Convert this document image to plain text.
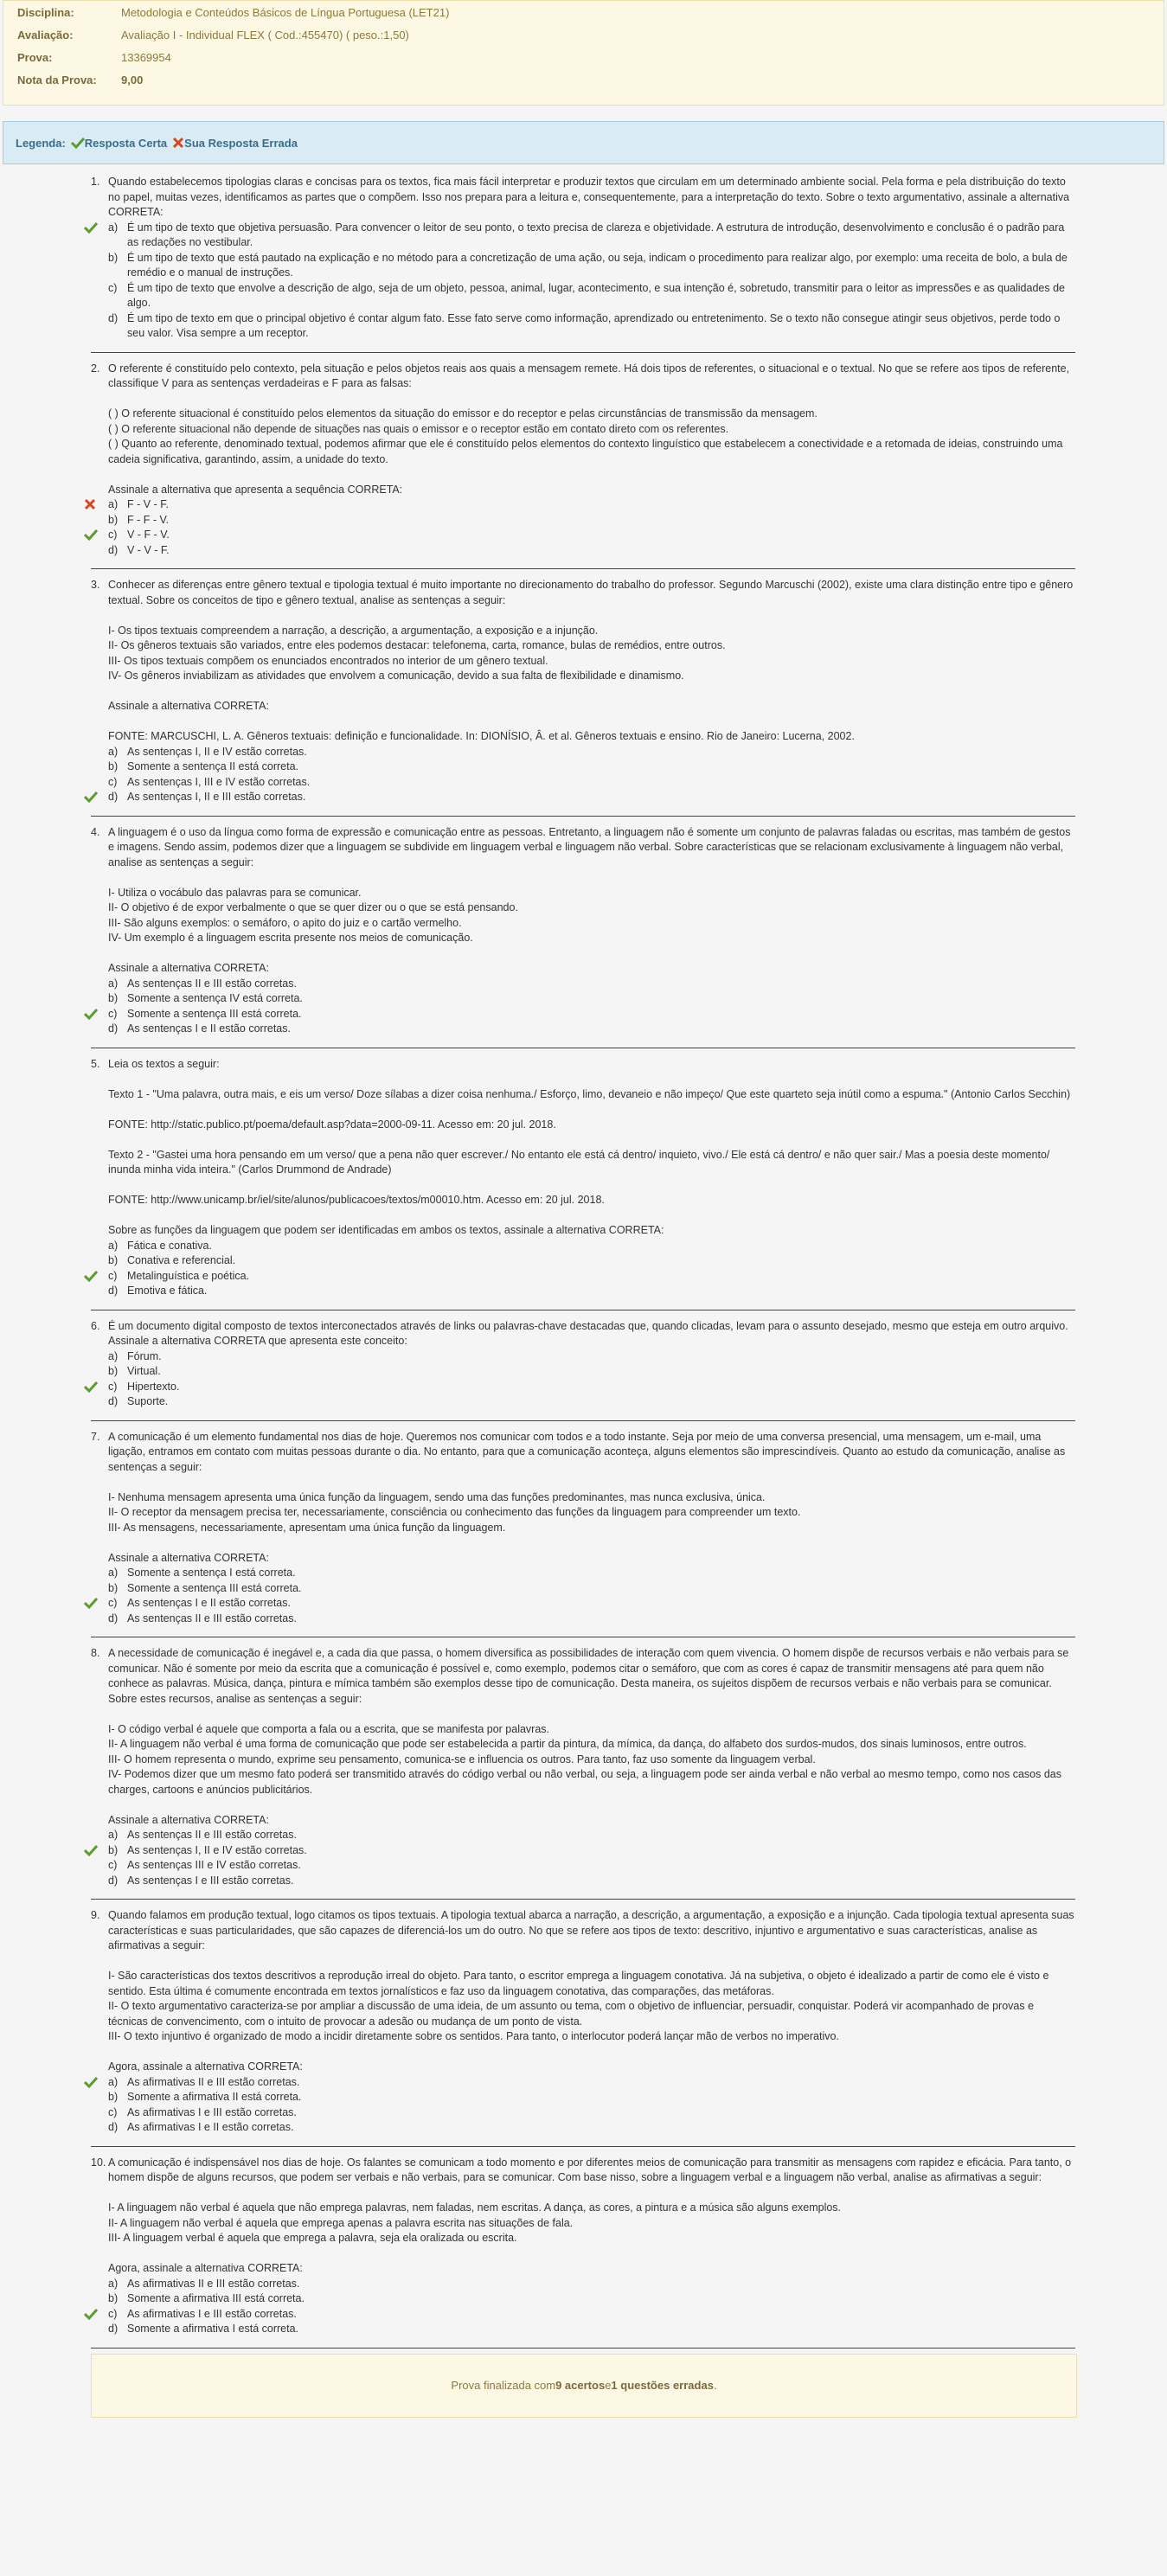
Disciplina:	Metodologia e Conteúdos Básicos de Língua Portuguesa (LET21)
Avaliação:	Avaliação I - Individual FLEX ( Cod.:455470) ( peso.:1,50)
Prova:	13369954
Nota da Prova:	9,00
Legenda: Resposta Certa Sua Resposta Errada
1. Quando estabelecemos tipologias claras e concisas para os textos, fica mais fácil interpretar e produzir textos que circulam em um determinado ambiente social. Pela forma e pela distribuição do texto no papel, muitas vezes, identificamos as partes que o compõem. Isso nos prepara para a leitura e, consequentemente, para a interpretação do texto. Sobre o texto argumentativo, assinale a alternativa CORRETA:
a) É um tipo de texto que objetiva persuasão. Para convencer o leitor de seu ponto, o texto precisa de clareza e objetividade. A estrutura de introdução, desenvolvimento e conclusão é o padrão para as redações no vestibular.
b) É um tipo de texto que está pautado na explicação e no método para a concretização de uma ação, ou seja, indicam o procedimento para realizar algo, por exemplo: uma receita de bolo, a bula de remédio e o manual de instruções.
c) É um tipo de texto que envolve a descrição de algo, seja de um objeto, pessoa, animal, lugar, acontecimento, e sua intenção é, sobretudo, transmitir para o leitor as impressões e as qualidades de algo.
d) É um tipo de texto em que o principal objetivo é contar algum fato. Esse fato serve como informação, aprendizado ou entretenimento. Se o texto não consegue atingir seus objetivos, perde todo o seu valor. Visa sempre a um receptor.
2. O referente é constituído pelo contexto, pela situação e pelos objetos reais aos quais a mensagem remete. Há dois tipos de referentes, o situacional e o textual. No que se refere aos tipos de referente, classifique V para as sentenças verdadeiras e F para as falsas:

( ) O referente situacional é constituído pelos elementos da situação do emissor e do receptor e pelas circunstâncias de transmissão da mensagem.
( ) O referente situacional não depende de situações nas quais o emissor e o receptor estão em contato direto com os referentes.
( ) Quanto ao referente, denominado textual, podemos afirmar que ele é constituído pelos elementos do contexto linguístico que estabelecem a conectividade e a retomada de ideias, construindo uma cadeia significativa, garantindo, assim, a unidade do texto.

Assinale a alternativa que apresenta a sequência CORRETA:
a) F - V - F.
b) F - F - V.
c) V - F - V.
d) V - V - F.
3. Conhecer as diferenças entre gênero textual e tipologia textual é muito importante no direcionamento do trabalho do professor. Segundo Marcuschi (2002), existe uma clara distinção entre tipo e gênero textual. Sobre os conceitos de tipo e gênero textual, analise as sentenças a seguir:

I- Os tipos textuais compreendem a narração, a descrição, a argumentação, a exposição e a injunção.
II- Os gêneros textuais são variados, entre eles podemos destacar: telefonema, carta, romance, bulas de remédios, entre outros.
III- Os tipos textuais compõem os enunciados encontrados no interior de um gênero textual.
IV- Os gêneros inviabilizam as atividades que envolvem a comunicação, devido a sua falta de flexibilidade e dinamismo.

Assinale a alternativa CORRETA:

FONTE: MARCUSCHI, L. A. Gêneros textuais: definição e funcionalidade. In: DIONÍSIO, Â. et al. Gêneros textuais e ensino. Rio de Janeiro: Lucerna, 2002.
a) As sentenças I, II e IV estão corretas.
b) Somente a sentença II está correta.
c) As sentenças I, III e IV estão corretas.
d) As sentenças I, II e III estão corretas.
4. A linguagem é o uso da língua como forma de expressão e comunicação entre as pessoas. Entretanto, a linguagem não é somente um conjunto de palavras faladas ou escritas, mas também de gestos e imagens. Sendo assim, podemos dizer que a linguagem se subdivide em linguagem verbal e linguagem não verbal. Sobre características que se relacionam exclusivamente à linguagem não verbal, analise as sentenças a seguir:

I- Utiliza o vocábulo das palavras para se comunicar.
II- O objetivo é de expor verbalmente o que se quer dizer ou o que se está pensando.
III- São alguns exemplos: o semáforo, o apito do juiz e o cartão vermelho.
IV- Um exemplo é a linguagem escrita presente nos meios de comunicação.

Assinale a alternativa CORRETA:
a) As sentenças II e III estão corretas.
b) Somente a sentença IV está correta.
c) Somente a sentença III está correta.
d) As sentenças I e II estão corretas.
5. Leia os textos a seguir:

Texto 1 - "Uma palavra, outra mais, e eis um verso/ Doze sílabas a dizer coisa nenhuma./ Esforço, limo, devaneio e não impeço/ Que este quarteto seja inútil como a espuma." (Antonio Carlos Secchin)

FONTE: http://static.publico.pt/poema/default.asp?data=2000-09-11. Acesso em: 20 jul. 2018.

Texto 2 - "Gastei uma hora pensando em um verso/ que a pena não quer escrever./ No entanto ele está cá dentro/ inquieto, vivo./ Ele está cá dentro/ e não quer sair./ Mas a poesia deste momento/ inunda minha vida inteira." (Carlos Drummond de Andrade)

FONTE: http://www.unicamp.br/iel/site/alunos/publicacoes/textos/m00010.htm. Acesso em: 20 jul. 2018.

Sobre as funções da linguagem que podem ser identificadas em ambos os textos, assinale a alternativa CORRETA:
a) Fática e conativa.
b) Conativa e referencial.
c) Metalinguística e poética.
d) Emotiva e fática.
6. É um documento digital composto de textos interconectados através de links ou palavras-chave destacadas que, quando clicadas, levam para o assunto desejado, mesmo que esteja em outro arquivo. Assinale a alternativa CORRETA que apresenta este conceito:
a) Fórum.
b) Virtual.
c) Hipertexto.
d) Suporte.
7. A comunicação é um elemento fundamental nos dias de hoje. Queremos nos comunicar com todos e a todo instante. Seja por meio de uma conversa presencial, uma mensagem, um e-mail, uma ligação, entramos em contato com muitas pessoas durante o dia. No entanto, para que a comunicação aconteça, alguns elementos são imprescindíveis. Quanto ao estudo da comunicação, analise as sentenças a seguir:

I- Nenhuma mensagem apresenta uma única função da linguagem, sendo uma das funções predominantes, mas nunca exclusiva, única.
II- O receptor da mensagem precisa ter, necessariamente, consciência ou conhecimento das funções da linguagem para compreender um texto.
III- As mensagens, necessariamente, apresentam uma única função da linguagem.

Assinale a alternativa CORRETA:
a) Somente a sentença I está correta.
b) Somente a sentença III está correta.
c) As sentenças I e II estão corretas.
d) As sentenças II e III estão corretas.
8. A necessidade de comunicação é inegável e, a cada dia que passa, o homem diversifica as possibilidades de interação com quem vivencia. O homem dispõe de recursos verbais e não verbais para se comunicar. Não é somente por meio da escrita que a comunicação é possível e, como exemplo, podemos citar o semáforo, que com as cores é capaz de transmitir mensagens até para quem não conhece as palavras. Música, dança, pintura e mímica também são exemplos desse tipo de comunicação. Desta maneira, os sujeitos dispõem de recursos verbais e não verbais para se comunicar. Sobre estes recursos, analise as sentenças a seguir:

I- O código verbal é aquele que comporta a fala ou a escrita, que se manifesta por palavras.
II- A linguagem não verbal é uma forma de comunicação que pode ser estabelecida a partir da pintura, da mímica, da dança, do alfabeto dos surdos-mudos, dos sinais luminosos, entre outros.
III- O homem representa o mundo, exprime seu pensamento, comunica-se e influencia os outros. Para tanto, faz uso somente da linguagem verbal.
IV- Podemos dizer que um mesmo fato poderá ser transmitido através do código verbal ou não verbal, ou seja, a linguagem pode ser ainda verbal e não verbal ao mesmo tempo, como nos casos das charges, cartoons e anúncios publicitários.

Assinale a alternativa CORRETA:
a) As sentenças II e III estão corretas.
b) As sentenças I, II e IV estão corretas.
c) As sentenças III e IV estão corretas.
d) As sentenças I e III estão corretas.
9. Quando falamos em produção textual, logo citamos os tipos textuais. A tipologia textual abarca a narração, a descrição, a argumentação, a exposição e a injunção. Cada tipologia textual apresenta suas características e suas particularidades, que são capazes de diferenciá-los um do outro. No que se refere aos tipos de texto: descritivo, injuntivo e argumentativo e suas características, analise as afirmativas a seguir:

I- São características dos textos descritivos a reprodução irreal do objeto. Para tanto, o escritor emprega a linguagem conotativa. Já na subjetiva, o objeto é idealizado a partir de como ele é visto e sentido. Esta última é comumente encontrada em textos jornalísticos e faz uso da linguagem conotativa, das comparações, das metáforas.
II- O texto argumentativo caracteriza-se por ampliar a discussão de uma ideia, de um assunto ou tema, com o objetivo de influenciar, persuadir, conquistar. Poderá vir acompanhado de provas e técnicas de convencimento, com o intuito de provocar a adesão ou mudança de um ponto de vista.
III- O texto injuntivo é organizado de modo a incidir diretamente sobre os sentidos. Para tanto, o interlocutor poderá lançar mão de verbos no imperativo.

Agora, assinale a alternativa CORRETA:
a) As afirmativas II e III estão corretas.
b) Somente a afirmativa II está correta.
c) As afirmativas I e III estão corretas.
d) As afirmativas I e II estão corretas.
10. A comunicação é indispensável nos dias de hoje. Os falantes se comunicam a todo momento e por diferentes meios de comunicação para transmitir as mensagens com rapidez e eficácia. Para tanto, o homem dispõe de alguns recursos, que podem ser verbais e não verbais, para se comunicar. Com base nisso, sobre a linguagem verbal e a linguagem não verbal, analise as afirmativas a seguir:

I- A linguagem não verbal é aquela que não emprega palavras, nem faladas, nem escritas. A dança, as cores, a pintura e a música são alguns exemplos.
II- A linguagem não verbal é aquela que emprega apenas a palavra escrita nas situações de fala.
III- A linguagem verbal é aquela que emprega a palavra, seja ela oralizada ou escrita.

Agora, assinale a alternativa CORRETA:
a) As afirmativas II e III estão corretas.
b) Somente a afirmativa III está correta.
c) As afirmativas I e III estão corretas.
d) Somente a afirmativa I está correta.
Prova finalizada com 9 acertos e 1 questões erradas .
